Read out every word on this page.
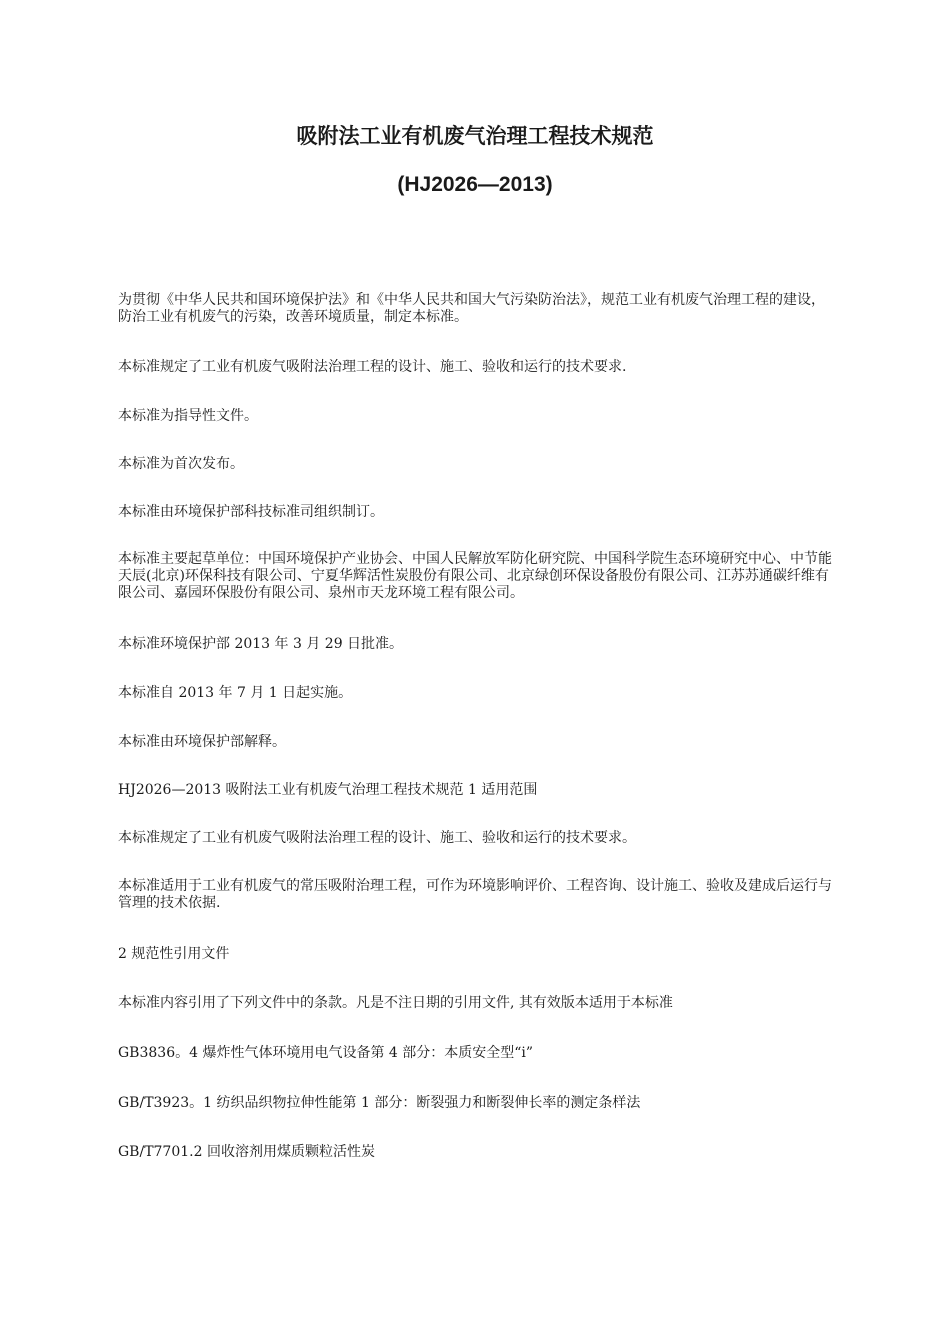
吸附法工业有机废气治理工程技术规范
(HJ2026—2013)

为贯彻《中华人民共和国环境保护法》和《中华人民共和国大气污染防治法》，规范工业有机废气治理工程的建设，防治工业有机废气的污染，改善环境质量，制定本标准。

本标准规定了工业有机废气吸附法治理工程的设计、施工、验收和运行的技术要求.

本标准为指导性文件。

本标准为首次发布。

本标准由环境保护部科技标准司组织制订。

本标准主要起草单位：中国环境保护产业协会、中国人民解放军防化研究院、中国科学院生态环境研究中心、中节能天辰(北京)环保科技有限公司、宁夏华辉活性炭股份有限公司、北京绿创环保设备股份有限公司、江苏苏通碳纤维有限公司、嘉园环保股份有限公司、泉州市天龙环境工程有限公司。

本标准环境保护部 2013 年 3 月 29 日批准。

本标准自 2013 年 7 月 1 日起实施。

本标准由环境保护部解释。

HJ2026—2013 吸附法工业有机废气治理工程技术规范 1 适用范围

本标准规定了工业有机废气吸附法治理工程的设计、施工、验收和运行的技术要求。

本标准适用于工业有机废气的常压吸附治理工程，可作为环境影响评价、工程咨询、设计施工、验收及建成后运行与管理的技术依据.

2 规范性引用文件

本标准内容引用了下列文件中的条款。凡是不注日期的引用文件, 其有效版本适用于本标准

GB3836。4 爆炸性气体环境用电气设备第 4 部分：本质安全型“i”

GB/T3923。1 纺织品织物拉伸性能第 1 部分：断裂强力和断裂伸长率的测定条样法

GB/T7701.2 回收溶剂用煤质颗粒活性炭
